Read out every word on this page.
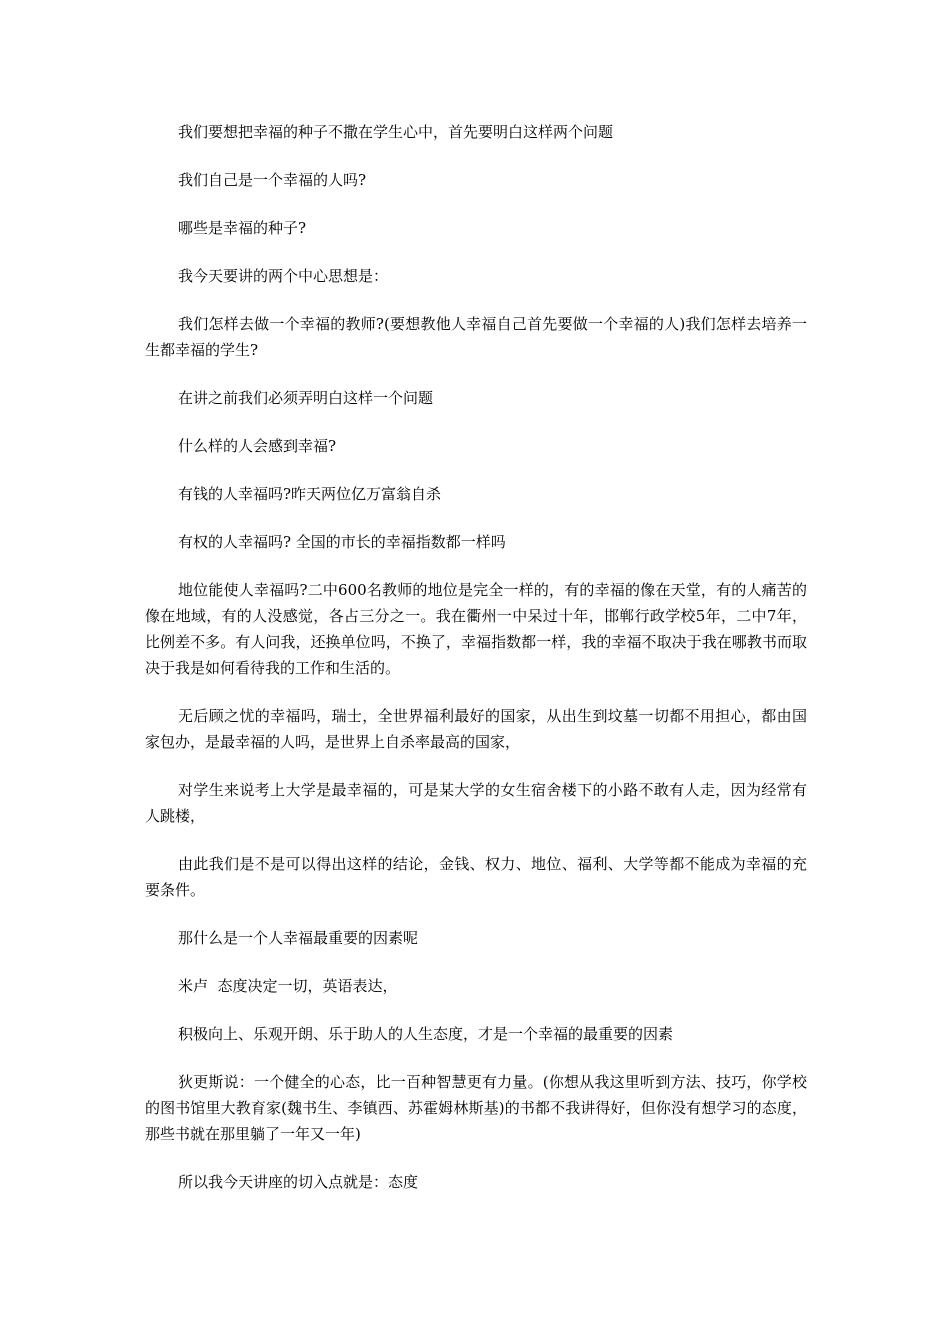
我们要想把幸福的种子不撒在学生心中，首先要明白这样两个问题

我们自己是一个幸福的人吗?

哪些是幸福的种子?

我今天要讲的两个中心思想是：

我们怎样去做一个幸福的教师?(要想教他人幸福自己首先要做一个幸福的人)我们怎样去培养一生都幸福的学生?

在讲之前我们必须弄明白这样一个问题

什么样的人会感到幸福?

有钱的人幸福吗?昨天两位亿万富翁自杀

有权的人幸福吗? 全国的市长的幸福指数都一样吗

地位能使人幸福吗?二中600名教师的地位是完全一样的，有的幸福的像在天堂，有的人痛苦的像在地域，有的人没感觉，各占三分之一。我在衢州一中呆过十年，邯郸行政学校5年，二中7年，比例差不多。有人问我，还换单位吗，不换了，幸福指数都一样，我的幸福不取决于我在哪教书而取决于我是如何看待我的工作和生活的。

无后顾之忧的幸福吗，瑞士，全世界福利最好的国家，从出生到坟墓一切都不用担心，都由国家包办，是最幸福的人吗，是世界上自杀率最高的国家，

对学生来说考上大学是最幸福的，可是某大学的女生宿舍楼下的小路不敢有人走，因为经常有人跳楼，

由此我们是不是可以得出这样的结论，金钱、权力、地位、福利、大学等都不能成为幸福的充要条件。

那什么是一个人幸福最重要的因素呢

米卢  态度决定一切，英语表达，

积极向上、乐观开朗、乐于助人的人生态度，才是一个幸福的最重要的因素

狄更斯说：一个健全的心态，比一百种智慧更有力量。(你想从我这里听到方法、技巧，你学校的图书馆里大教育家(魏书生、李镇西、苏霍姆林斯基)的书都不我讲得好，但你没有想学习的态度，那些书就在那里躺了一年又一年)

所以我今天讲座的切入点就是：态度
